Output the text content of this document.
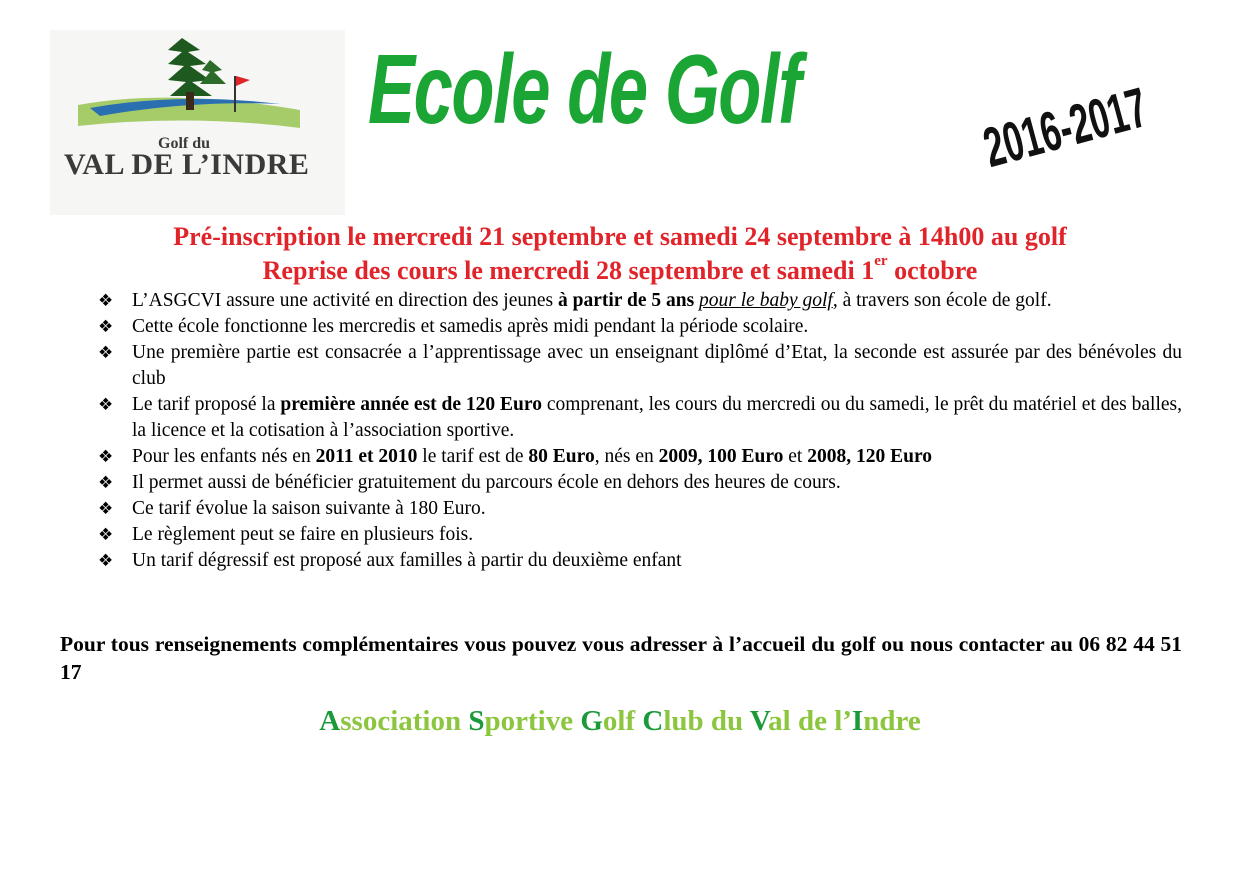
Golf du
VAL DE L’INDRE
Ecole de Golf	2016-2017
Pré-inscription le mercredi 21 septembre et samedi 24 septembre à 14h00 au golf
Reprise des cours le mercredi 28 septembre et samedi 1er octobre
❖ L’ASGCVI assure une activité en direction des jeunes à partir de 5 ans pour le baby golf, à travers son école de golf.
❖ Cette école fonctionne les mercredis et samedis après midi pendant la période scolaire.
❖ Une première partie est consacrée a l’apprentissage avec un enseignant diplômé d’Etat, la seconde est assurée par des bénévoles du club
❖ Le tarif proposé la première année est de 120 Euro comprenant, les cours du mercredi ou du samedi, le prêt du matériel et des balles, la licence et la cotisation à l’association sportive.
❖ Pour les enfants nés en 2011 et 2010 le tarif est de 80 Euro, nés en 2009, 100 Euro et 2008, 120 Euro
❖ Il permet aussi de bénéficier gratuitement du parcours école en dehors des heures de cours.
❖ Ce tarif évolue la saison suivante à 180 Euro.
❖ Le règlement peut se faire en plusieurs fois.
❖ Un tarif dégressif est proposé aux familles à partir du deuxième enfant

Pour tous renseignements complémentaires vous pouvez vous adresser à l’accueil du golf ou nous contacter au 06 82 44 51 17

Association Sportive Golf Club du Val de l’Indre
